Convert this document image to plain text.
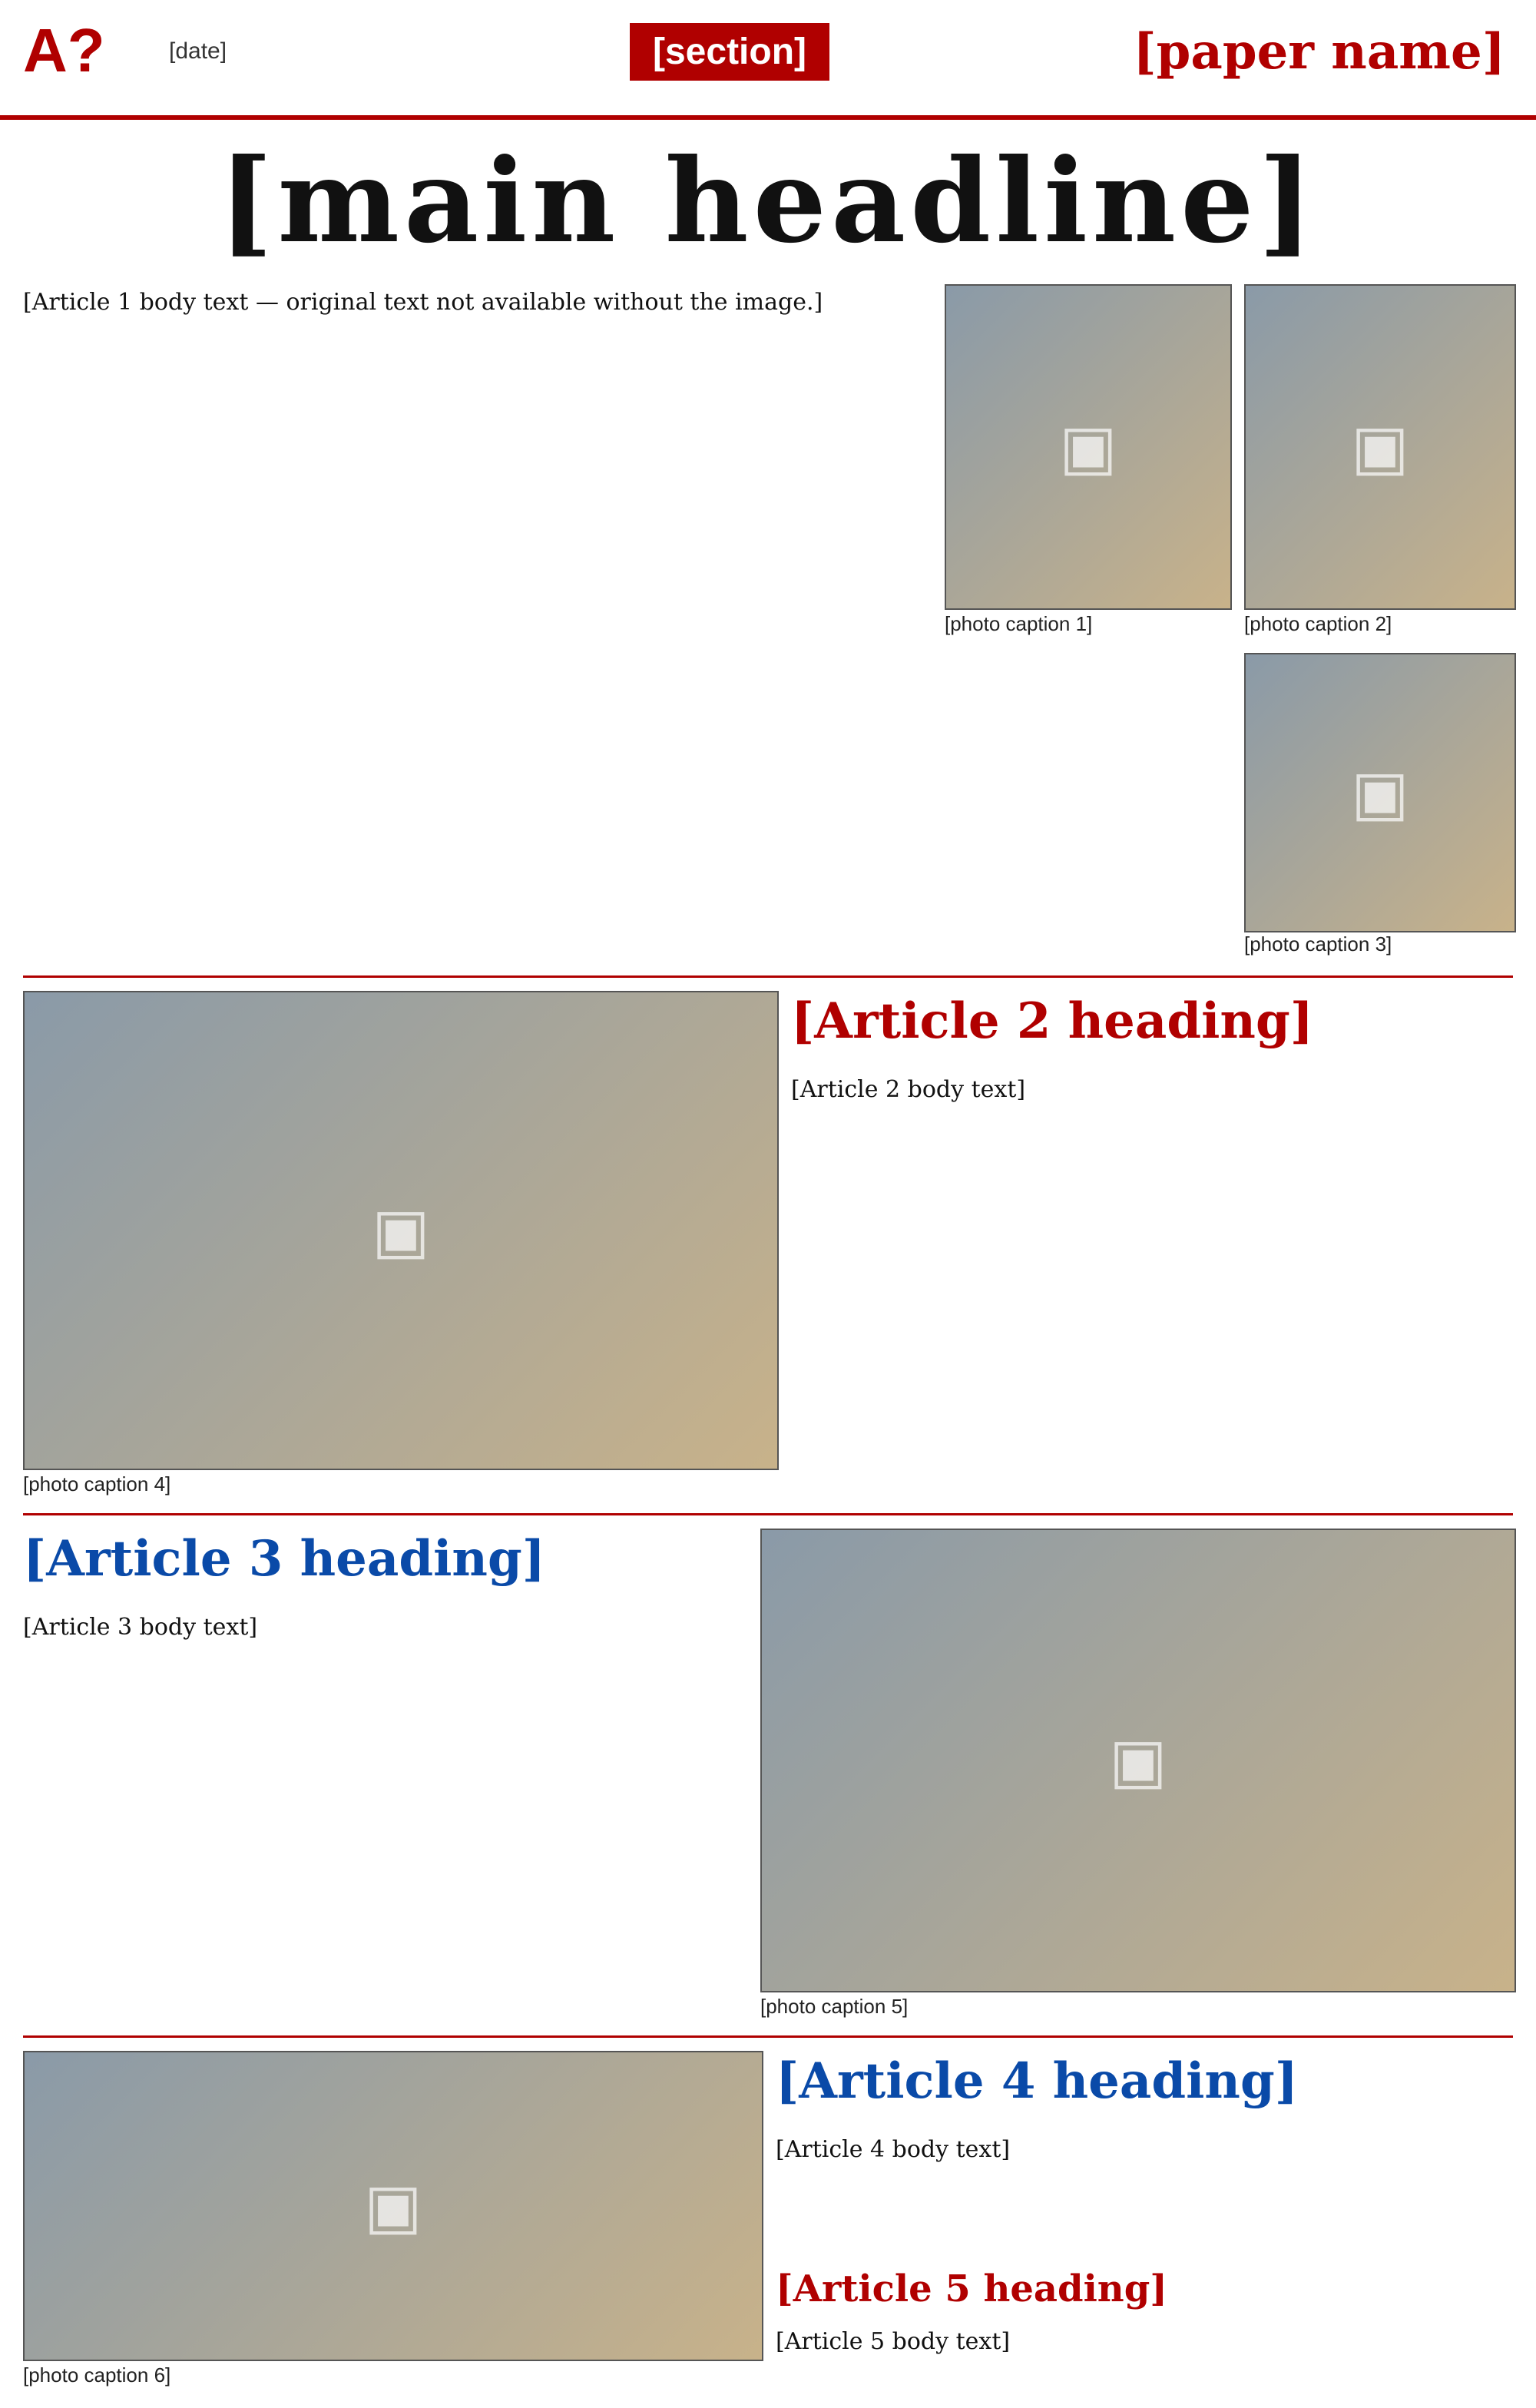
A?	[date]	[section]	[paper name]
[main headline]
[Article 1 body text — original text not available without the image.]
▣
[photo caption 1]
▣
[photo caption 2]
▣
[photo caption 3]
▣
[photo caption 4]
[Article 2 heading]
[Article 2 body text]
[Article 3 heading]
[Article 3 body text]
▣
[photo caption 5]
▣
[photo caption 6]
[Article 4 heading]
[Article 4 body text]
[Article 5 heading]
[Article 5 body text]
